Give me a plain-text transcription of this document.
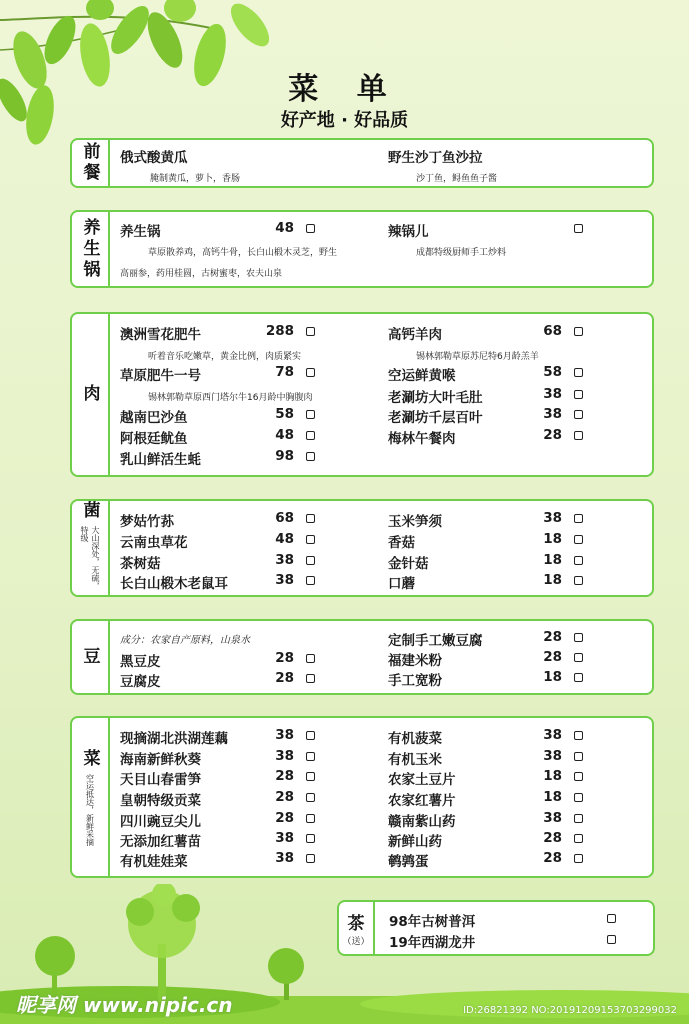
菜 单
好产地 · 好品质
前餐 俄式酸黄瓜
腌制黄瓜，萝卜，香肠
野生沙丁鱼沙拉
沙丁鱼，鲟鱼鱼子酱
养生锅 养生锅	48
草原散养鸡，高钙牛骨，长白山椴木灵芝，野生
高丽参，药用桂圆，古树蜜枣，农夫山泉
辣锅儿
成都特级厨师手工炒料
肉
澳洲雪花肥牛	288
听着音乐吃嫩草，黄金比例，肉质紧实
草原肥牛一号	78
锡林郭勒草原西门塔尔牛16月龄中胸腹肉
越南巴沙鱼	58
阿根廷鱿鱼	48
乳山鲜活生蚝	98
高钙羊肉	68
锡林郭勒草原苏尼特6月龄羔羊
空运鲜黄喉	58
老涮坊大叶毛肚	38
老涮坊千层百叶	38
梅林午餐肉	28
菌
大山深处，无硫，特级
梦姑竹荪	68
云南虫草花	48
茶树菇	38
长白山椴木老鼠耳	38
玉米笋须	38
香菇	18
金针菇	18
口蘑	18
豆
成分：农家自产原料，山泉水
黑豆皮	28
豆腐皮	28
定制手工嫩豆腐	28
福建米粉	28
手工宽粉	18
菜
空运抵达，新鲜采摘
现摘湖北洪湖莲藕	38
海南新鲜秋葵	38
天目山春雷笋	28
皇朝特级贡菜	28
四川豌豆尖儿	28
无添加红薯苗	38
有机娃娃菜	38
有机菠菜	38
有机玉米	38
农家土豆片	18
农家红薯片	18
赣南紫山药	38
新鲜山药	28
鹌鹑蛋	28
茶
（送）
98年古树普洱
19年西湖龙井
昵享网 www.nipic.cn	ID:26821392 NO:20191209153703299032
